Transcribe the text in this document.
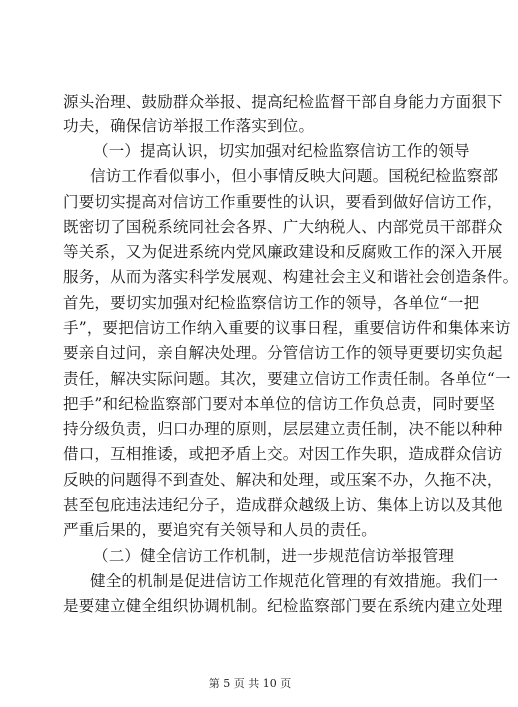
源头治理、鼓励群众举报、提高纪检监督干部自身能力方面狠下
功夫，确保信访举报工作落实到位。
（一）提高认识，切实加强对纪检监察信访工作的领导
信访工作看似事小，但小事情反映大问题。国税纪检监察部
门要切实提高对信访工作重要性的认识，要看到做好信访工作，
既密切了国税系统同社会各界、广大纳税人、内部党员干部群众
等关系，又为促进系统内党风廉政建设和反腐败工作的深入开展
服务，从而为落实科学发展观、构建社会主义和谐社会创造条件。
首先，要切实加强对纪检监察信访工作的领导，各单位“一把
手”，要把信访工作纳入重要的议事日程，重要信访件和集体来访
要亲自过问，亲自解决处理。分管信访工作的领导更要切实负起
责任，解决实际问题。其次，要建立信访工作责任制。各单位“一
把手”和纪检监察部门要对本单位的信访工作负总责，同时要坚
持分级负责，归口办理的原则，层层建立责任制，决不能以种种
借口，互相推诿，或把矛盾上交。对因工作失职，造成群众信访
反映的问题得不到查处、解决和处理，或压案不办，久拖不决，
甚至包庇违法违纪分子，造成群众越级上访、集体上访以及其他
严重后果的，要追究有关领导和人员的责任。
（二）健全信访工作机制，进一步规范信访举报管理
健全的机制是促进信访工作规范化管理的有效措施。我们一
是要建立健全组织协调机制。纪检监察部门要在系统内建立处理
第 5 页 共 10 页
